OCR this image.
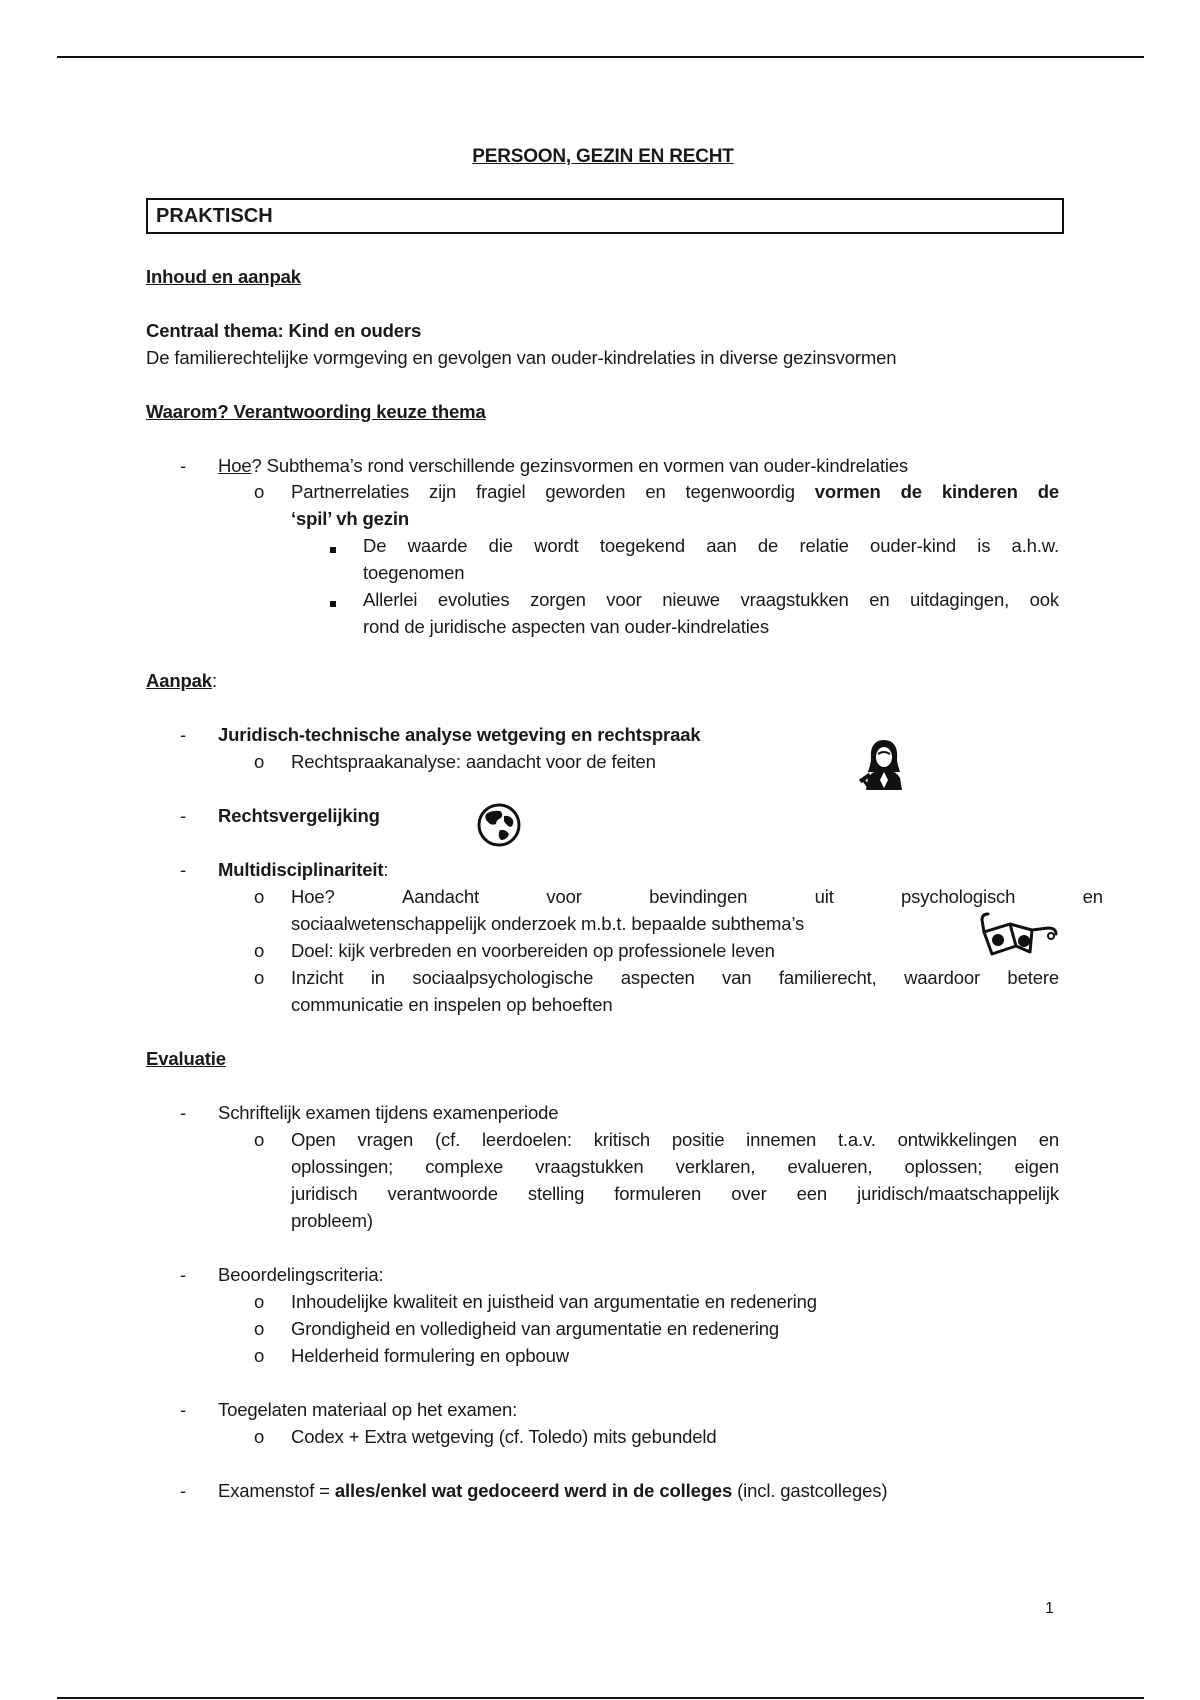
PERSOON, GEZIN EN RECHT
PRAKTISCH
Inhoud en aanpak
Centraal thema: Kind en ouders
De familierechtelijke vormgeving en gevolgen van ouder-kindrelaties in diverse gezinsvormen
Waarom? Verantwoording keuze thema
- Hoe? Subthema’s rond verschillende gezinsvormen en vormen van ouder-kindrelaties
o Partnerrelaties zijn fragiel geworden en tegenwoordig vormen de kinderen de
‘spil’ vh gezin
De waarde die wordt toegekend aan de relatie ouder-kind is a.h.w.
toegenomen
Allerlei evoluties zorgen voor nieuwe vraagstukken en uitdagingen, ook
rond de juridische aspecten van ouder-kindrelaties
Aanpak:
- Juridisch-technische analyse wetgeving en rechtspraak
o Rechtspraakanalyse: aandacht voor de feiten
- Rechtsvergelijking
- Multidisciplinariteit:
o Hoe?	Aandacht	voor	bevindingen	uit	psychologisch	en
sociaalwetenschappelijk onderzoek m.b.t. bepaalde subthema’s
o Doel: kijk verbreden en voorbereiden op professionele leven
o Inzicht in sociaalpsychologische aspecten van familierecht, waardoor betere
communicatie en inspelen op behoeften
Evaluatie
- Schriftelijk examen tijdens examenperiode
o Open vragen (cf. leerdoelen: kritisch positie innemen t.a.v. ontwikkelingen en
oplossingen; complexe vraagstukken verklaren, evalueren, oplossen; eigen
juridisch verantwoorde stelling formuleren over een juridisch/maatschappelijk
probleem)
- Beoordelingscriteria:
o Inhoudelijke kwaliteit en juistheid van argumentatie en redenering
o Grondigheid en volledigheid van argumentatie en redenering
o Helderheid formulering en opbouw
- Toegelaten materiaal op het examen:
o Codex + Extra wetgeving (cf. Toledo) mits gebundeld
- Examenstof = alles/enkel wat gedoceerd werd in de colleges (incl. gastcolleges)
1
